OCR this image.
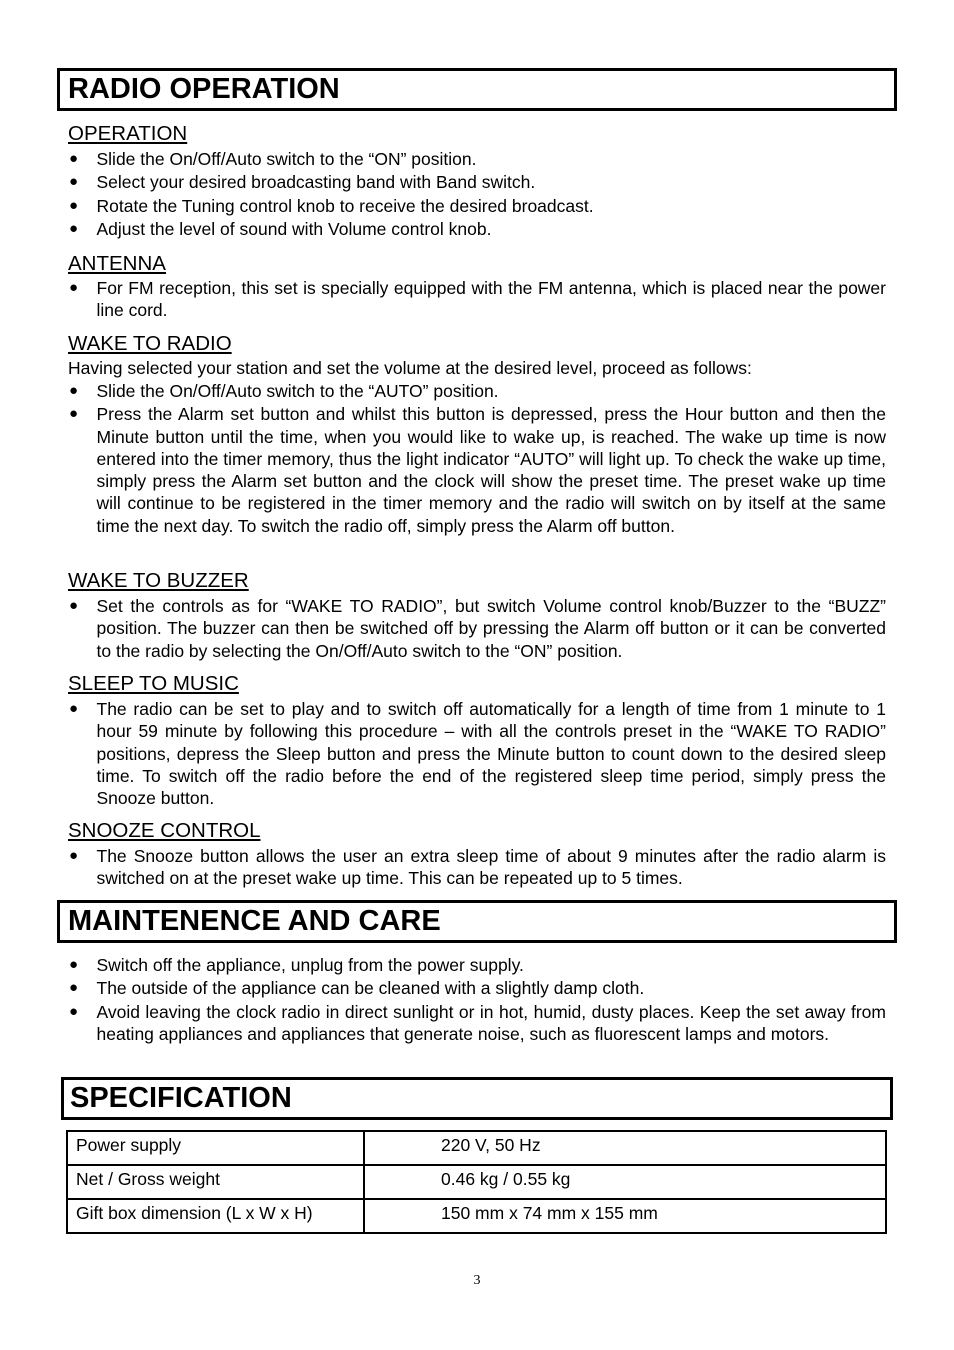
RADIO OPERATION
OPERATION
● Slide the On/Off/Auto switch to the “ON” position.
● Select your desired broadcasting band with Band switch.
● Rotate the Tuning control knob to receive the desired broadcast.
● Adjust the level of sound with Volume control knob.
ANTENNA
● For FM reception, this set is specially equipped with the FM antenna, which is placed near the power line cord.
WAKE TO RADIO
Having selected your station and set the volume at the desired level, proceed as follows:
● Slide the On/Off/Auto switch to the “AUTO” position.
● Press the Alarm set button and whilst this button is depressed, press the Hour button and then the Minute button until the time, when you would like to wake up, is reached. The wake up time is now entered into the timer memory, thus the light indicator “AUTO” will light up. To check the wake up time, simply press the Alarm set button and the clock will show the preset time. The preset wake up time will continue to be registered in the timer memory and the radio will switch on by itself at the same time the next day. To switch the radio off, simply press the Alarm off button.
WAKE TO BUZZER
● Set the controls as for “WAKE TO RADIO”, but switch Volume control knob/Buzzer to the “BUZZ” position. The buzzer can then be switched off by pressing the Alarm off button or it can be converted to the radio by selecting the On/Off/Auto switch to the “ON” position.
SLEEP TO MUSIC
● The radio can be set to play and to switch off automatically for a length of time from 1 minute to 1 hour 59 minute by following this procedure – with all the controls preset in the “WAKE TO RADIO” positions, depress the Sleep button and press the Minute button to count down to the desired sleep time. To switch off the radio before the end of the registered sleep time period, simply press the Snooze button.
SNOOZE CONTROL
● The Snooze button allows the user an extra sleep time of about 9 minutes after the radio alarm is switched on at the preset wake up time. This can be repeated up to 5 times.
MAINTENENCE AND CARE
● Switch off the appliance, unplug from the power supply.
● The outside of the appliance can be cleaned with a slightly damp cloth.
● Avoid leaving the clock radio in direct sunlight or in hot, humid, dusty places. Keep the set away from heating appliances and appliances that generate noise, such as fluorescent lamps and motors.
SPECIFICATION
Power supply	220 V, 50 Hz
Net / Gross weight	0.46 kg / 0.55 kg
Gift box dimension (L x W x H)	150 mm x 74 mm x 155 mm
3
